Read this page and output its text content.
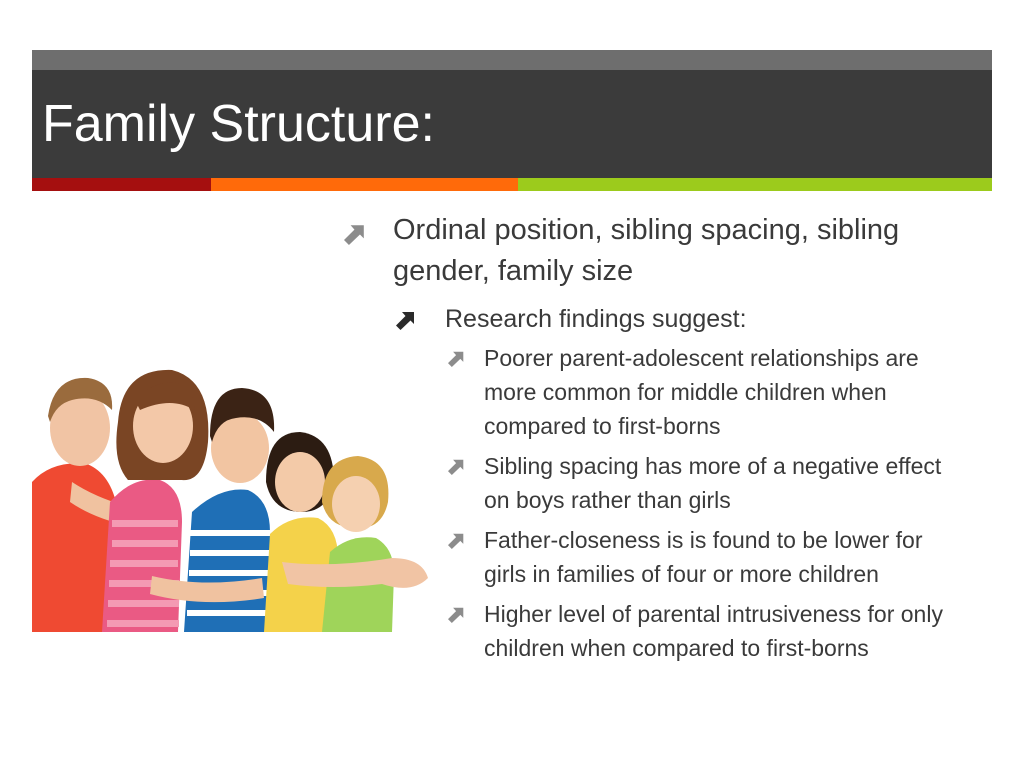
Family Structure:
Ordinal position, sibling spacing, sibling gender, family size
Research findings suggest:
Poorer parent-adolescent relationships are more common for middle children when compared to first-borns
Sibling spacing has more of a negative effect on boys rather than girls
Father-closeness is is found to be lower for girls in families of four or more children
Higher level of parental intrusiveness for only children when compared to first-borns
